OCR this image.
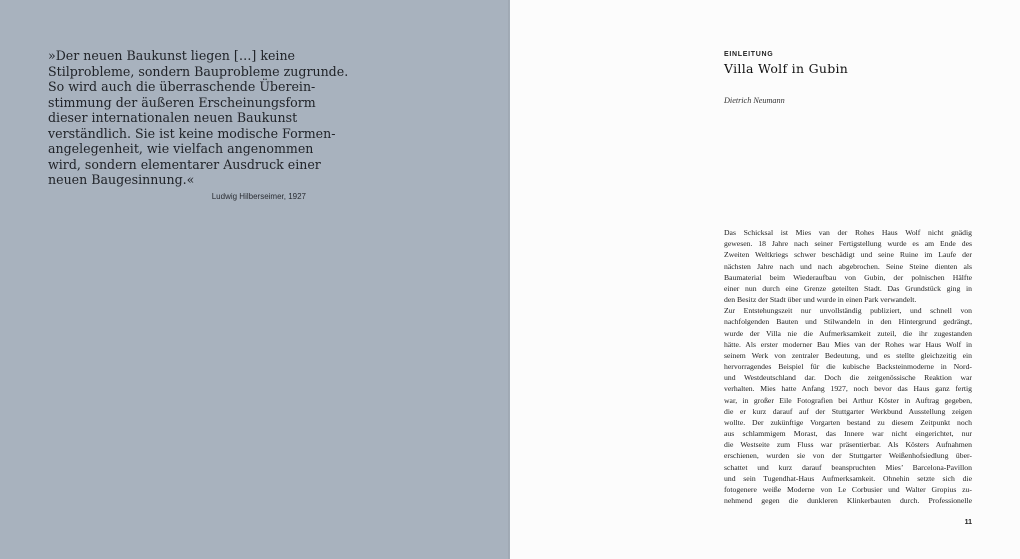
»Der neuen Baukunst liegen […] keine
Stilprobleme, sondern Bauprobleme zugrunde.
So wird auch die überraschende Überein-
stimmung der äußeren Erscheinungsform
dieser internationalen neuen Baukunst
verständlich. Sie ist keine modische Formen-
angelegenheit, wie vielfach angenommen
wird, sondern elementarer Ausdruck einer
neuen Baugesinnung.«
Ludwig Hilberseimer, 1927
EINLEITUNG
Villa Wolf in Gubin
Dietrich Neumann
Das Schicksal ist Mies van der Rohes Haus Wolf nicht gnädig
gewesen. 18 Jahre nach seiner Fertigstellung wurde es am Ende des
Zweiten Weltkriegs schwer beschädigt und seine Ruine im Laufe der
nächsten Jahre nach und nach abgebrochen. Seine Steine dienten als
Baumaterial beim Wiederaufbau von Gubin, der polnischen Hälfte
einer nun durch eine Grenze geteilten Stadt. Das Grundstück ging in
den Besitz der Stadt über und wurde in einen Park verwandelt.
Zur Entstehungszeit nur unvollständig publiziert, und schnell von
nachfolgenden Bauten und Stilwandeln in den Hintergrund gedrängt,
wurde der Villa nie die Aufmerksamkeit zuteil, die ihr zugestanden
hätte. Als erster moderner Bau Mies van der Rohes war Haus Wolf in
seinem Werk von zentraler Bedeutung, und es stellte gleichzeitig ein
hervorragendes Beispiel für die kubische Backsteinmoderne in Nord-
und Westdeutschland dar. Doch die zeitgenössische Reaktion war
verhalten. Mies hatte Anfang 1927, noch bevor das Haus ganz fertig
war, in großer Eile Fotografien bei Arthur Köster in Auftrag gegeben,
die er kurz darauf auf der Stuttgarter Werkbund Ausstellung zeigen
wollte. Der zukünftige Vorgarten bestand zu diesem Zeitpunkt noch
aus schlammigem Morast, das Innere war nicht eingerichtet, nur
die Westseite zum Fluss war präsentierbar. Als Kösters Aufnahmen
erschienen, wurden sie von der Stuttgarter Weißenhofsiedlung über-
schattet und kurz darauf beanspruchten Mies’ Barcelona-Pavillon
und sein Tugendhat-Haus Aufmerksamkeit. Ohnehin setzte sich die
fotogenere weiße Moderne von Le Corbusier und Walter Gropius zu-
nehmend gegen die dunkleren Klinkerbauten durch. Professionelle
11
